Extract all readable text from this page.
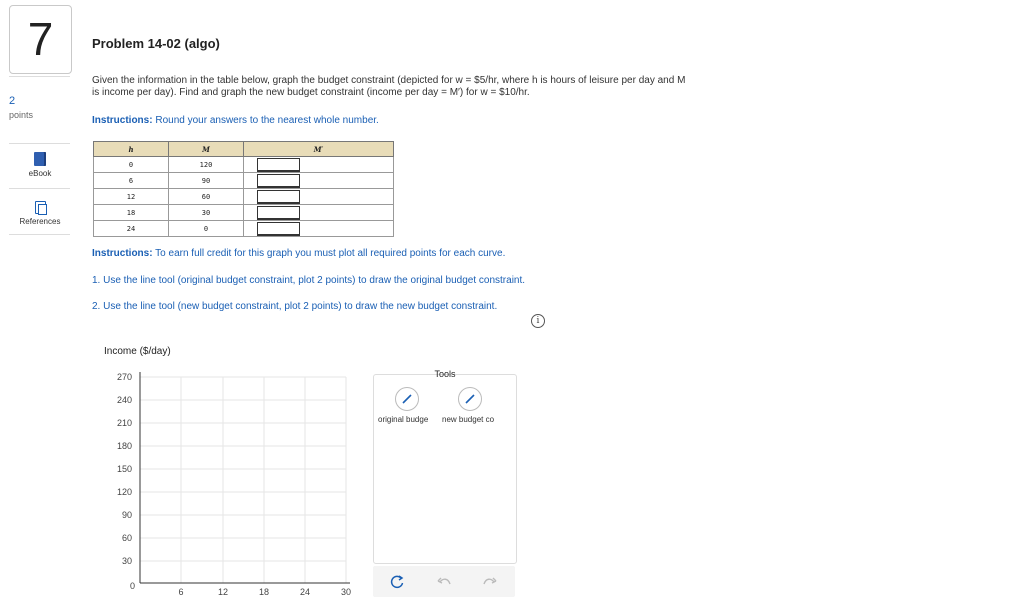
7
2
points
eBook
References
Problem 14-02 (algo)
Given the information in the table below, graph the budget constraint (depicted for w = $5/hr, where h is hours of leisure per day and M
is income per day). Find and graph the new budget constraint (income per day = M′) for w = $10/hr.
Instructions: Round your answers to the nearest whole number.
h	M	M′
0	120	

6	90	

12	60	

18	30	

24	0	
Instructions: To earn full credit for this graph you must plot all required points for each curve.
1. Use the line tool (original budget constraint, plot 2 points) to draw the original budget constraint.
2. Use the line tool (new budget constraint, plot 2 points) to draw the new budget constraint.
i
Income ($/day)
270
240
210
180
150
120
90
60
30
0
6	12	18	24	30
Tools
original budge	new budget co
